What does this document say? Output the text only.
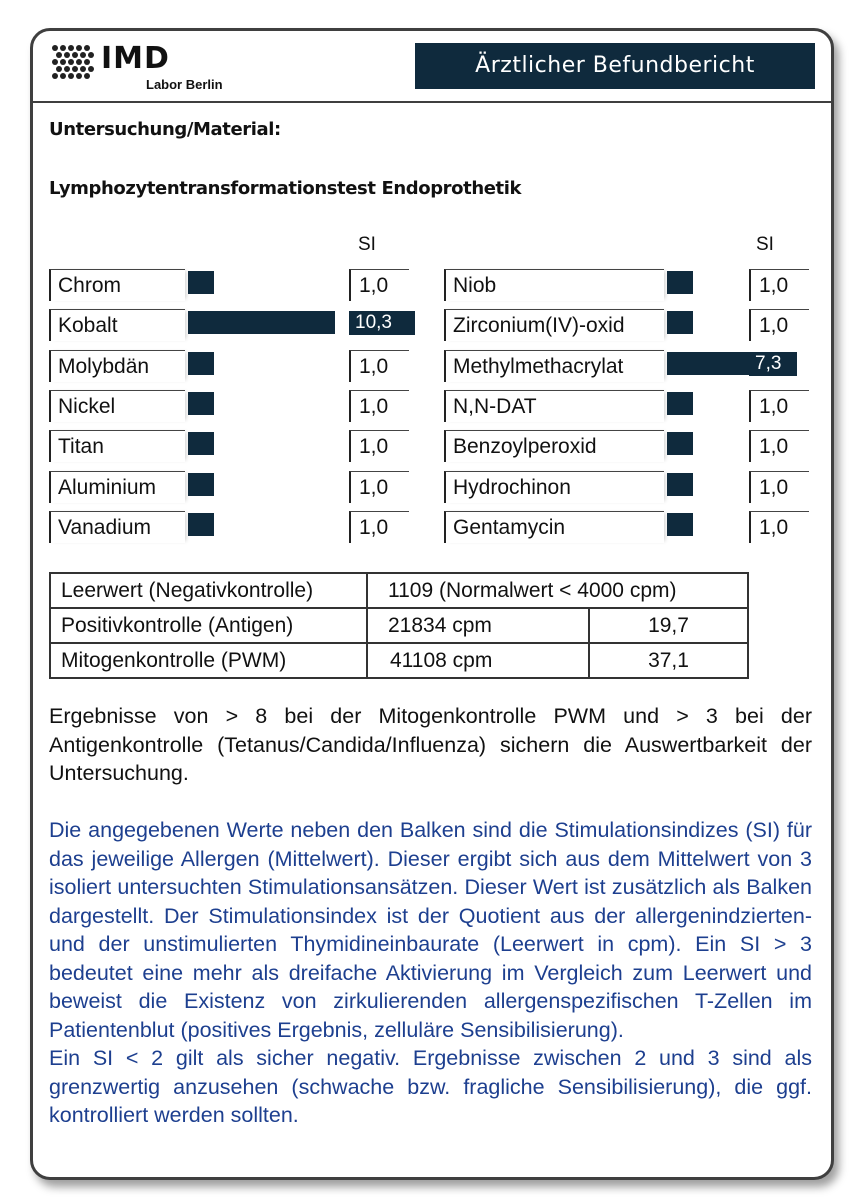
IMD
Labor Berlin
Ärztlicher Befundbericht
Untersuchung/Material:
Lymphozytentransformationstest Endoprothetik
SI	SI
Chrom	1,0
Kobalt	10,3
Molybdän	1,0
Nickel	1,0
Titan	1,0
Aluminium	1,0
Vanadium	1,0
Niob	1,0
Zirconium(IV)-oxid	1,0
Methylmethacrylat	7,3
N,N-DAT	1,0
Benzoylperoxid	1,0
Hydrochinon	1,0
Gentamycin	1,0
Leerwert (Negativkontrolle)	1109 (Normalwert < 4000 cpm)	
Positivkontrolle (Antigen)	21834 cpm	19,7
Mitogenkontrolle (PWM)	41108 cpm	37,1

Ergebnisse von > 8 bei der Mitogenkontrolle PWM und > 3 bei der Antigenkontrolle (Tetanus/Candida/Influenza) sichern die Auswertbarkeit der Untersuchung.

Die angegebenen Werte neben den Balken sind die Stimulationsindizes (SI) für das jeweilige Allergen (Mittelwert). Dieser ergibt sich aus dem Mittelwert von 3 isoliert untersuchten Stimulationsansätzen. Dieser Wert ist zusätzlich als Balken dargestellt. Der Stimulationsindex ist der Quotient aus der allergenindzierten- und der unstimulierten Thymidineinbaurate (Leerwert in cpm). Ein SI > 3 bedeutet eine mehr als dreifache Aktivierung im Vergleich zum Leerwert und beweist die Existenz von zirkulierenden allergenspezifischen T-Zellen im Patientenblut (positives Ergebnis, zelluläre Sensibilisierung).

Ein SI < 2 gilt als sicher negativ. Ergebnisse zwischen 2 und 3 sind als grenzwertig anzusehen (schwache bzw. fragliche Sensibilisierung), die ggf. kontrolliert werden sollten.
